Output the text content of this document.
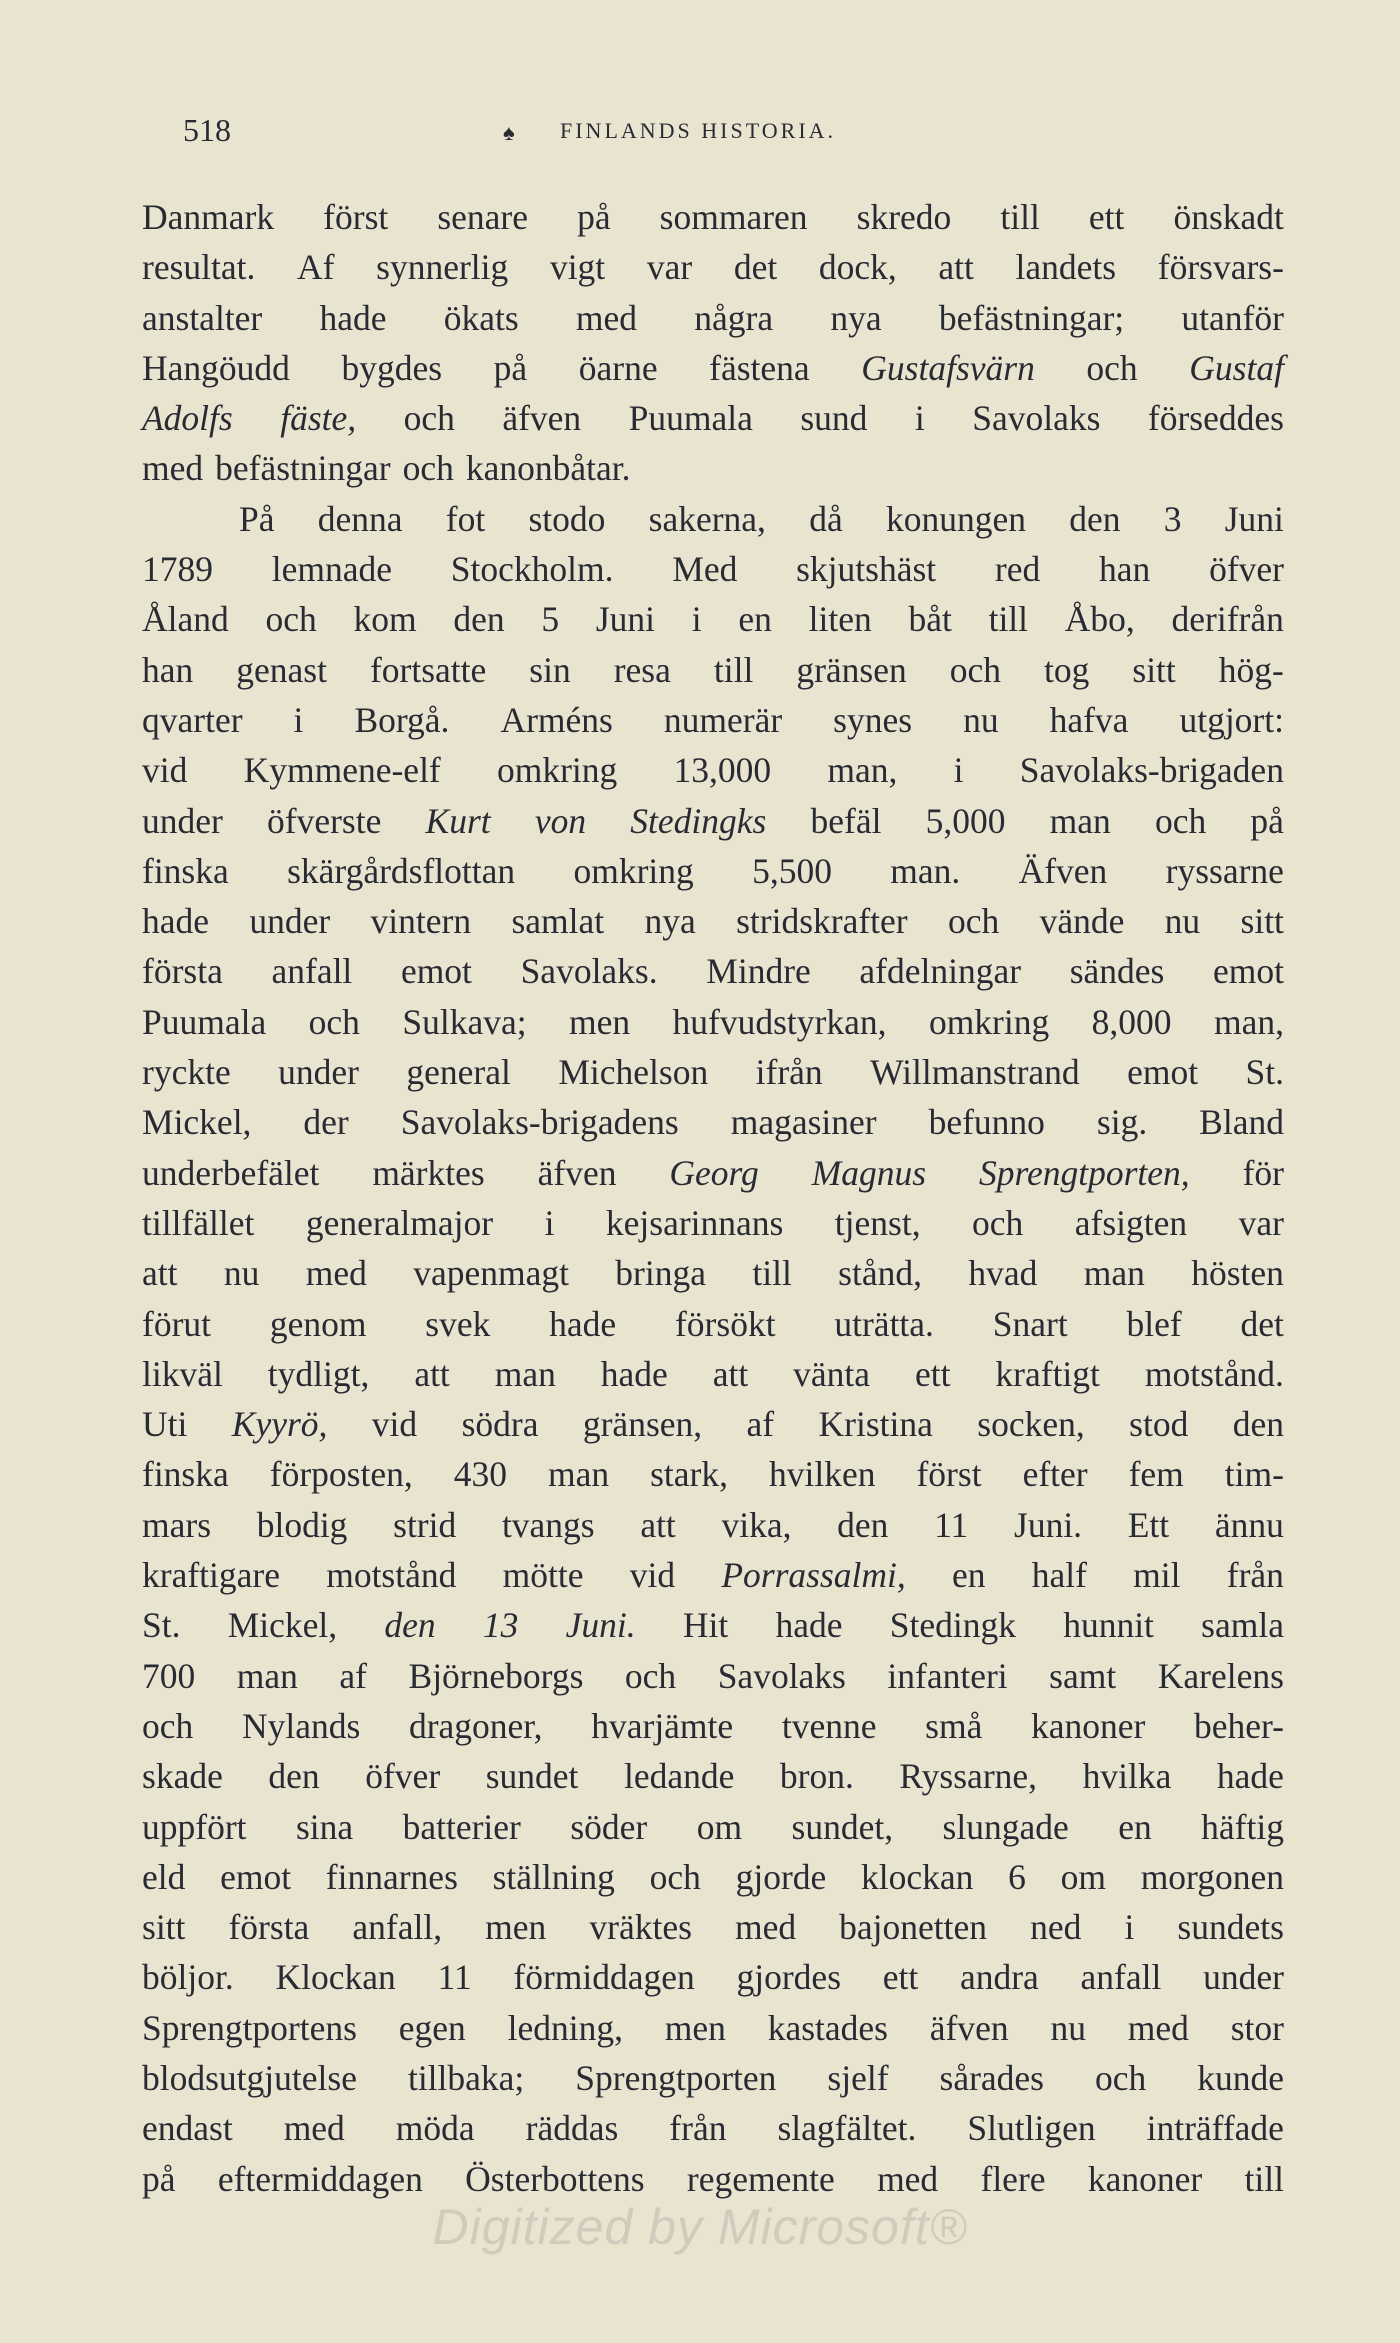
518	♠ FINLANDS HISTORIA.
Danmark först senare på sommaren skredo till ett önskadt
resultat. Af synnerlig vigt var det dock, att landets försvars-
anstalter hade ökats med några nya befästningar; utanför
Hangöudd bygdes på öarne fästena Gustafsvärn och Gustaf
Adolfs fäste, och äfven Puumala sund i Savolaks förseddes
med befästningar och kanonbåtar.
På denna fot stodo sakerna, då konungen den 3 Juni
1789 lemnade Stockholm. Med skjutshäst red han öfver
Åland och kom den 5 Juni i en liten båt till Åbo, derifrån
han genast fortsatte sin resa till gränsen och tog sitt hög-
qvarter i Borgå. Arméns numerär synes nu hafva utgjort:
vid Kymmene-elf omkring 13,000 man, i Savolaks-brigaden
under öfverste Kurt von Stedingks befäl 5,000 man och på
finska skärgårdsflottan omkring 5,500 man. Äfven ryssarne
hade under vintern samlat nya stridskrafter och vände nu sitt
första anfall emot Savolaks. Mindre afdelningar sändes emot
Puumala och Sulkava; men hufvudstyrkan, omkring 8,000 man,
ryckte under general Michelson ifrån Willmanstrand emot St.
Mickel, der Savolaks-brigadens magasiner befunno sig. Bland
underbefälet märktes äfven Georg Magnus Sprengtporten, för
tillfället generalmajor i kejsarinnans tjenst, och afsigten var
att nu med vapenmagt bringa till stånd, hvad man hösten
förut genom svek hade försökt uträtta. Snart blef det
likväl tydligt, att man hade att vänta ett kraftigt motstånd.
Uti Kyyrö, vid södra gränsen, af Kristina socken, stod den
finska förposten, 430 man stark, hvilken först efter fem tim-
mars blodig strid tvangs att vika, den 11 Juni. Ett ännu
kraftigare motstånd mötte vid Porrassalmi, en half mil från
St. Mickel, den 13 Juni. Hit hade Stedingk hunnit samla
700 man af Björneborgs och Savolaks infanteri samt Karelens
och Nylands dragoner, hvarjämte tvenne små kanoner beher-
skade den öfver sundet ledande bron. Ryssarne, hvilka hade
uppfört sina batterier söder om sundet, slungade en häftig
eld emot finnarnes ställning och gjorde klockan 6 om morgonen
sitt första anfall, men vräktes med bajonetten ned i sundets
böljor. Klockan 11 förmiddagen gjordes ett andra anfall under
Sprengtportens egen ledning, men kastades äfven nu med stor
blodsutgjutelse tillbaka; Sprengtporten sjelf sårades och kunde
endast med möda räddas från slagfältet. Slutligen inträffade
på eftermiddagen Österbottens regemente med flere kanoner till
Digitized by Microsoft®
